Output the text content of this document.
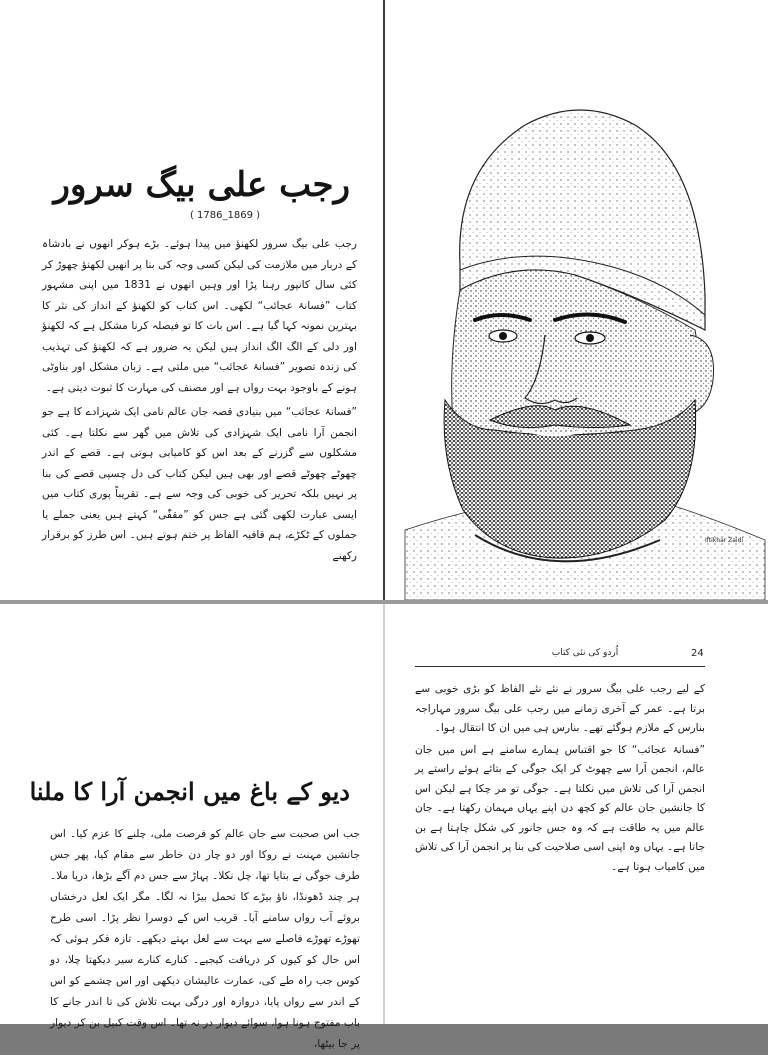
رجب علی بیگ سرور
( 1786_1869 )

رجب علی بیگ سرور لکھنؤ میں پیدا ہوئے۔ بڑے ہوکر انھوں نے بادشاہ کے دربار میں ملازمت کی لیکن کسی وجہ کی بنا پر انھیں لکھنؤ چھوڑ کر کئی سال کانپور رہنا پڑا اور وہیں انھوں نے 1831 میں اپنی مشہور کتاب ”فسانۂ عجائب“ لکھی۔ اس کتاب کو لکھنؤ کے انداز کی نثر کا بہترین نمونہ کہا گیا ہے۔ اس بات کا تو فیصلہ کرنا مشکل ہے کہ لکھنؤ اور دلی کے الگ الگ انداز ہیں لیکن یہ ضرور ہے کہ لکھنؤ کی تہذیب کی زندہ تصویر ”فسانۂ عجائب“ میں ملتی ہے۔ زبان مشکل اور بناوٹی ہونے کے باوجود بہت رواں ہے اور مصنف کی مہارت کا ثبوت دیتی ہے۔

”فسانۂ عجائب“ میں بنیادی قصہ جان عالم نامی ایک شہزادے کا ہے جو انجمن آرا نامی ایک شہزادی کی تلاش میں گھر سے نکلتا ہے۔ کئی مشکلوں سے گزرنے کے بعد اس کو کامیابی ہوتی ہے۔ قصے کے اندر چھوٹے چھوٹے قصے اور بھی ہیں لیکن کتاب کی دل چسپی قصے کی بنا پر نہیں بلکہ تحریر کی خوبی کی وجہ سے ہے۔ تقریباً پوری کتاب میں ایسی عبارت لکھی گئی ہے جس کو ”مقفّٰی“ کہتے ہیں یعنی جملے یا جملوں کے ٹکڑے، ہم قافیہ الفاظ پر ختم ہوتے ہیں۔ اس طرز کو برقرار رکھنے

Iftikhar Zaidi
دیو کے باغ میں انجمن آرا کا ملنا

جب اس صحبت سے جان عالم کو فرصت ملی، چلنے کا عزم کیا۔ اس جانشین مہنت نے روکا اور دو چار دن خاطر سے مقام کیا، پھر جس طرف جوگی نے بتایا تھا، چل نکلا۔ پہاڑ سے جس دم آگے بڑھا، دریا ملا۔ ہر چند ڈھونڈا، ناؤ بیڑے کا تحمل بیڑا نہ لگا۔ مگر ایک لعل درخشاں بروئے آب رواں سامنے آیا۔ قریب اس کے دوسرا نظر پڑا۔ اسی طرح تھوڑے تھوڑے فاصلے سے بہت سے لعل بہتے دیکھے۔ تازہ فکر ہوئی کہ اس حال کو کیوں کر دریافت کیجیے۔ کنارے کنارے سیر دیکھتا چلا، دو کوس جب راہ طے کی، عمارت عالیشان دیکھی اور اس چشمے کو اس کے اندر سے رواں پایا، دروازہ اور درگی بہت تلاش کی تا اندر جانے کا باب مفتوح ہونا ہوا، سوائے دیوار در نہ تھا۔ اس وقت کبیل بن کر دیوار پر جا بیٹھا،

24
اُردو کی نئی کتاب

کے لیے رجب علی بیگ سرور نے نئے نئے الفاظ کو بڑی خوبی سے برتا ہے۔ عمر کے آخری زمانے میں رجب علی بیگ سرور مہاراجہ بنارس کے ملازم ہوگئے تھے۔ بنارس ہی میں ان کا انتقال ہوا۔

”فسانۂ عجائب“ کا جو اقتباس ہمارے سامنے ہے اس میں جان عالم، انجمن آرا سے چھوٹ کر ایک جوگی کے بتائے ہوئے راستے پر انجمن آرا کی تلاش میں نکلتا ہے۔ جوگی تو مر چکا ہے لیکن اس کا جانشین جان عالم کو کچھ دن اپنے یہاں مہمان رکھتا ہے۔ جان عالم میں یہ طاقت ہے کہ وہ جس جانور کی شکل چاہتا ہے بن جاتا ہے۔ یہاں وہ اپنی اسی صلاحیت کی بنا پر انجمن آرا کی تلاش میں کامیاب ہوتا ہے۔
